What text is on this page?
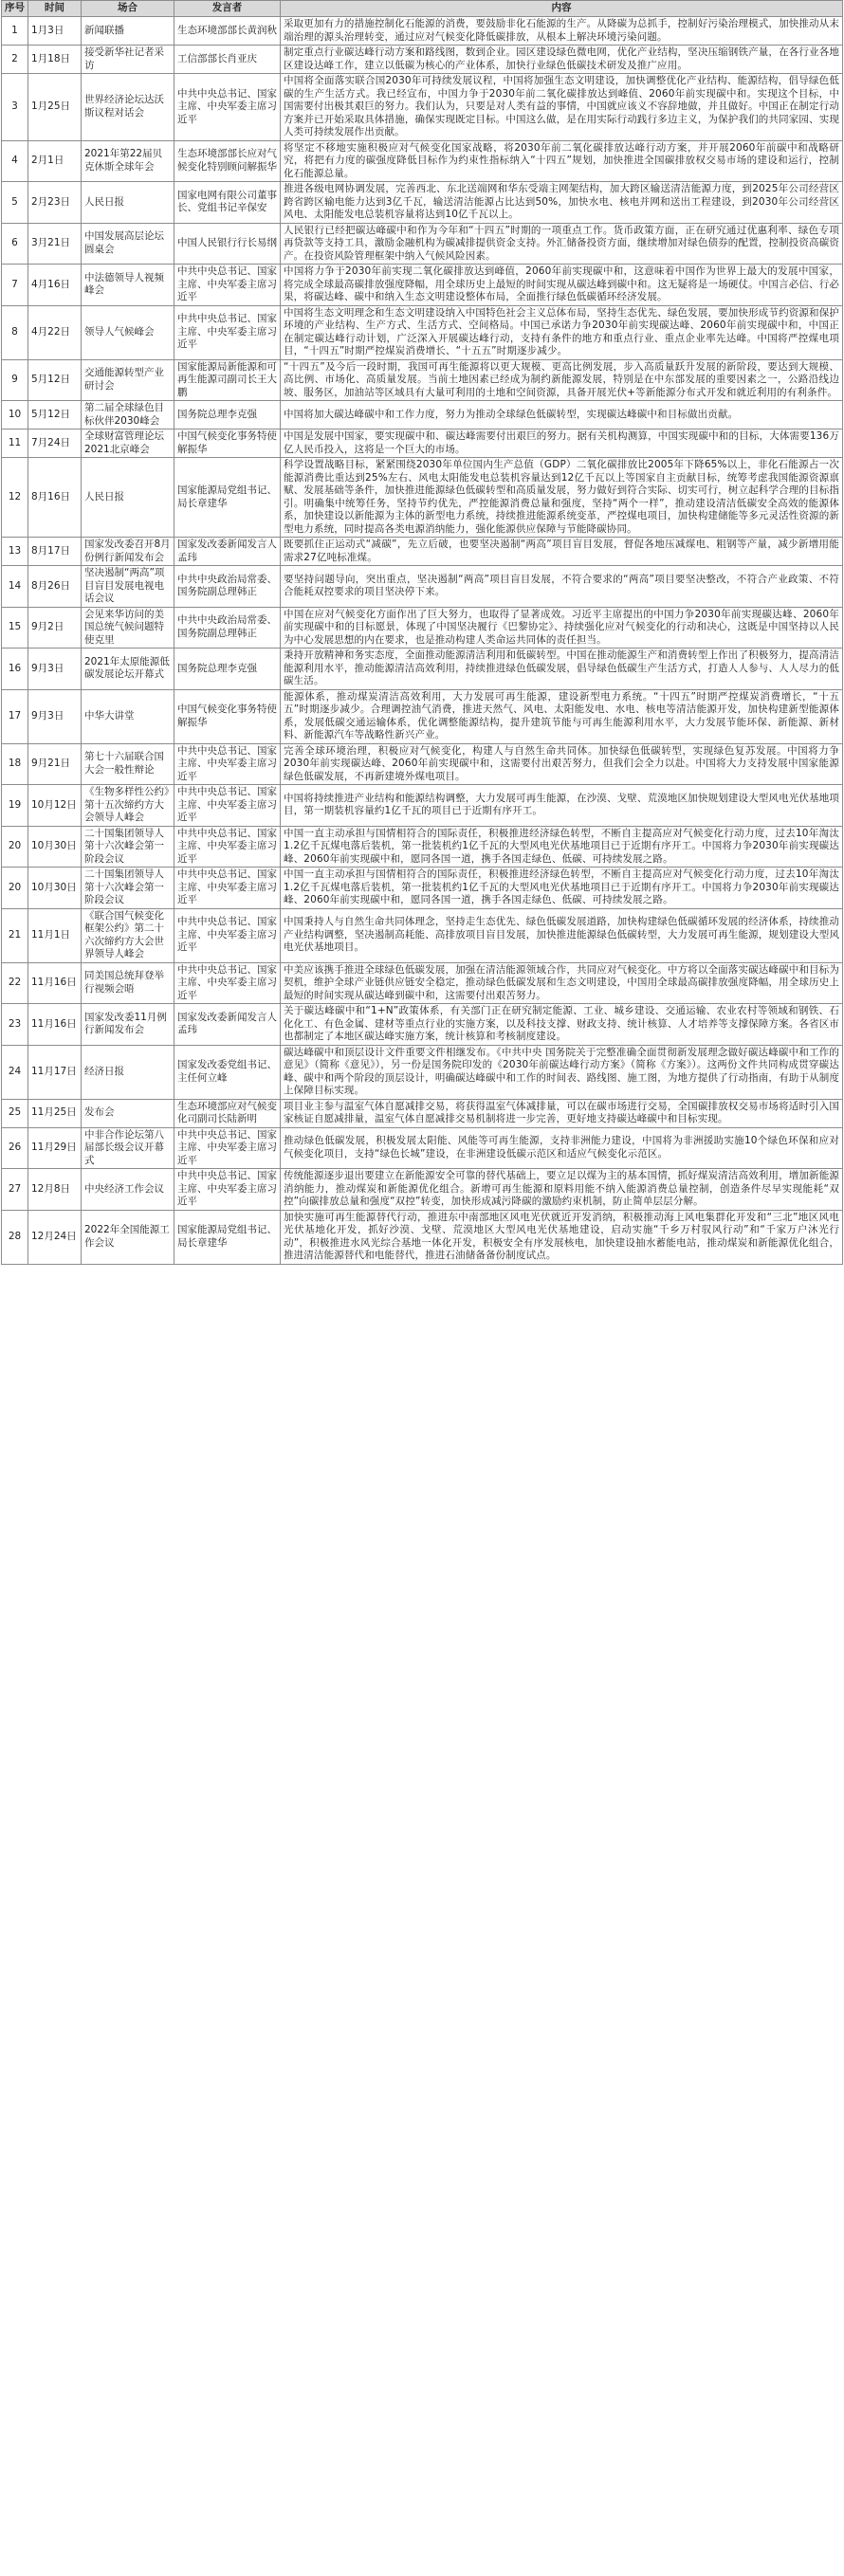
序号	时间	场合	发言者	内容
1	1月3日	新闻联播	生态环境部部长黄润秋	采取更加有力的措施控制化石能源的消费，要鼓励非化石能源的生产。从降碳为总抓手，控制好污染治理模式，加快推动从末端治理的源头治理转变，通过应对气候变化降低碳排放，从根本上解决环境污染问题。
2	1月18日	接受新华社记者采访	工信部部长肖亚庆	制定重点行业碳达峰行动方案和路线图，数到企业。园区建设绿色微电网，优化产业结构，坚决压缩钢铁产量，在各行业各地区建设达峰工作，建立以低碳为核心的产业体系，加快行业绿色低碳技术研发及推广应用。
3	1月25日	世界经济论坛达沃斯议程对话会	中共中央总书记、国家主席、中央军委主席习近平	中国将全面落实联合国2030年可持续发展议程，中国将加强生态文明建设，加快调整优化产业结构、能源结构，倡导绿色低碳的生产生活方式。我已经宣布，中国力争于2030年前二氧化碳排放达到峰值、2060年前实现碳中和。实现这个目标，中国需要付出极其艰巨的努力。我们认为，只要是对人类有益的事情，中国就应该义不容辞地做，并且做好。中国正在制定行动方案并已开始采取具体措施，确保实现既定目标。中国这么做，是在用实际行动践行多边主义，为保护我们的共同家园、实现人类可持续发展作出贡献。
4	2月1日	2021年第22届贝克休斯全球年会	生态环境部部长应对气候变化特别顾问解振华	将坚定不移地实施积极应对气候变化国家战略，将2030年前二氧化碳排放达峰行动方案，并开展2060年前碳中和战略研究，将把有力度的碳强度降低目标作为约束性指标纳入“十四五”规划，加快推进全国碳排放权交易市场的建设和运行，控制化石能源总量。
5	2月23日	人民日报	国家电网有限公司董事长、党组书记辛保安	推进各级电网协调发展，完善西北、东北送端网和华东受端主网架结构，加大跨区输送清洁能源力度，到2025年公司经营区跨省跨区输电能力达到3亿千瓦，输送清洁能源占比达到50%，加快水电、核电并网和送出工程建设，到2030年公司经营区风电、太阳能发电总装机容量将达到10亿千瓦以上。
6	3月21日	中国发展高层论坛圆桌会	中国人民银行行长易纲	人民银行已经把碳达峰碳中和作为今年和“十四五”时期的一项重点工作。货币政策方面，正在研究通过优惠利率、绿色专项再贷款等支持工具，激励金融机构为碳减排提供资金支持。外汇储备投资方面，继续增加对绿色债券的配置，控制投资高碳资产。在投资风险管理框架中纳入气候风险因素。
7	4月16日	中法德领导人视频峰会	中共中央总书记、国家主席、中央军委主席习近平	中国将力争于2030年前实现二氧化碳排放达到峰值，2060年前实现碳中和，这意味着中国作为世界上最大的发展中国家，将完成全球最高碳排放强度降幅，用全球历史上最短的时间实现从碳达峰到碳中和。这无疑将是一场硬仗。中国言必信、行必果，将碳达峰、碳中和纳入生态文明建设整体布局，全面推行绿色低碳循环经济发展。
8	4月22日	领导人气候峰会	中共中央总书记、国家主席、中央军委主席习近平	中国将生态文明理念和生态文明建设纳入中国特色社会主义总体布局，坚持生态优先、绿色发展，要加快形成节约资源和保护环境的产业结构、生产方式、生活方式、空间格局。中国已承诺力争2030年前实现碳达峰、2060年前实现碳中和，中国正在制定碳达峰行动计划，广泛深入开展碳达峰行动，支持有条件的地方和重点行业、重点企业率先达峰。中国将严控煤电项目，“十四五”时期严控煤炭消费增长、“十五五”时期逐步减少。
9	5月12日	交通能源转型产业研讨会	国家能源局新能源和可再生能源司副司长王大鹏	“十四五”及今后一段时期，我国可再生能源将以更大规模、更高比例发展，步入高质量跃升发展的新阶段，要达到大规模、高比例、市场化、高质量发展。当前土地因素已经成为制约新能源发展，特别是在中东部发展的重要因素之一，公路沿线边坡、服务区，加油站等区域具有大量可利用的土地和空间资源，具备开展光伏+等新能源分布式开发和就近利用的有利条件。
10	5月12日	第二届全球绿色目标伙伴2030峰会	国务院总理李克强	中国将加大碳达峰碳中和工作力度，努力为推动全球绿色低碳转型，实现碳达峰碳中和目标做出贡献。
11	7月24日	全球财富管理论坛2021北京峰会	中国气候变化事务特使解振华	中国是发展中国家，要实现碳中和、碳达峰需要付出艰巨的努力。据有关机构测算，中国实现碳中和的目标，大体需要136万亿人民币投入，这将是一个巨大的市场。
12	8月16日	人民日报	国家能源局党组书记、局长章建华	科学设置战略目标，紧紧围绕2030年单位国内生产总值（GDP）二氧化碳排放比2005年下降65%以上，非化石能源占一次能源消费比重达到25%左右、风电太阳能发电总装机容量达到12亿千瓦以上等国家自主贡献目标，统筹考虑我国能源资源禀赋、发展基础等条件，加快推进能源绿色低碳转型和高质量发展，努力做好到符合实际、切实可行，树立起科学合理的目标指引。明确集中统筹任务，坚持节约优先，严控能源消费总量和强度，坚持“两个一样”，推动建设清洁低碳安全高效的能源体系，加快建设以新能源为主体的新型电力系统，持续推进能源系统变革，严控煤电项目，加快构建储能等多元灵活性资源的新型电力系统，同时提高各类电源消纳能力，强化能源供应保障与节能降碳协同。
13	8月17日	国家发改委召开8月份例行新闻发布会	国家发改委新闻发言人孟玮	既要抓住正运动式“减碳”，先立后破，也要坚决遏制“两高”项目盲目发展，督促各地压减煤电、粗钢等产量，减少新增用能需求27亿吨标准煤。
14	8月26日	坚决遏制“两高”项目盲目发展电视电话会议	中共中央政治局常委、国务院副总理韩正	要坚持问题导向，突出重点，坚决遏制“两高”项目盲目发展，不符合要求的“两高”项目要坚决整改，不符合产业政策、不符合能耗双控要求的项目坚决停下来。
15	9月2日	会见来华访问的美国总统气候问题特使克里	中共中央政治局常委、国务院副总理韩正	中国在应对气候变化方面作出了巨大努力，也取得了显著成效。习近平主席提出的中国力争2030年前实现碳达峰、2060年前实现碳中和的目标愿景，体现了中国坚决履行《巴黎协定》、持续强化应对气候变化的行动和决心，这既是中国坚持以人民为中心发展思想的内在要求，也是推动构建人类命运共同体的责任担当。
16	9月3日	2021年太原能源低碳发展论坛开幕式	国务院总理李克强	秉持开放精神和务实态度，全面推动能源清洁利用和低碳转型。中国在推动能源生产和消费转型上作出了积极努力，提高清洁能源利用水平，推动能源清洁高效利用，持续推进绿色低碳发展，倡导绿色低碳生产生活方式，打造人人参与、人人尽力的低碳生活。
17	9月3日	中华大讲堂	中国气候变化事务特使解振华	能源体系，推动煤炭清洁高效利用，大力发展可再生能源，建设新型电力系统。“十四五”时期严控煤炭消费增长，“十五五”时期逐步减少。合理调控油气消费，推进天然气、风电、太阳能发电、水电、核电等清洁能源开发，加快构建新型能源体系，发展低碳交通运输体系，优化调整能源结构，提升建筑节能与可再生能源利用水平，大力发展节能环保、新能源、新材料、新能源汽车等战略性新兴产业。
18	9月21日	第七十六届联合国大会一般性辩论	中共中央总书记、国家主席、中央军委主席习近平	完善全球环境治理，积极应对气候变化，构建人与自然生命共同体。加快绿色低碳转型，实现绿色复苏发展。中国将力争2030年前实现碳达峰、2060年前实现碳中和，这需要付出艰苦努力，但我们会全力以赴。中国将大力支持发展中国家能源绿色低碳发展，不再新建境外煤电项目。
19	10月12日	《生物多样性公约》第十五次缔约方大会领导人峰会	中共中央总书记、国家主席、中央军委主席习近平	中国将持续推进产业结构和能源结构调整，大力发展可再生能源，在沙漠、戈壁、荒漠地区加快规划建设大型风电光伏基地项目，第一期装机容量约1亿千瓦的项目已于近期有序开工。
20	10月30日	二十国集团领导人第十六次峰会第一阶段会议	中共中央总书记、国家主席、中央军委主席习近平	中国一直主动承担与国情相符合的国际责任，积极推进经济绿色转型，不断自主提高应对气候变化行动力度，过去10年淘汰1.2亿千瓦煤电落后装机，第一批装机约1亿千瓦的大型风电光伏基地项目已于近期有序开工。中国将力争2030年前实现碳达峰、2060年前实现碳中和，愿同各国一道，携手各国走绿色、低碳、可持续发展之路。
20	10月30日	二十国集团领导人第十六次峰会第一阶段会议	中共中央总书记、国家主席、中央军委主席习近平	中国一直主动承担与国情相符合的国际责任，积极推进经济绿色转型，不断自主提高应对气候变化行动力度，过去10年淘汰1.2亿千瓦煤电落后装机，第一批装机约1亿千瓦的大型风电光伏基地项目已于近期有序开工。中国将力争2030年前实现碳达峰、2060年前实现碳中和，愿同各国一道，携手各国走绿色、低碳、可持续发展之路。
21	11月1日	《联合国气候变化框架公约》第二十六次缔约方大会世界领导人峰会	中共中央总书记、国家主席、中央军委主席习近平	中国秉持人与自然生命共同体理念，坚持走生态优先、绿色低碳发展道路，加快构建绿色低碳循环发展的经济体系，持续推动产业结构调整，坚决遏制高耗能、高排放项目盲目发展，加快推进能源绿色低碳转型，大力发展可再生能源，规划建设大型风电光伏基地项目。
22	11月16日	同美国总统拜登举行视频会晤	中共中央总书记、国家主席、中央军委主席习近平	中美应该携手推进全球绿色低碳发展，加强在清洁能源领域合作，共同应对气候变化。中方将以全面落实碳达峰碳中和目标为契机，维护全球产业链供应链安全稳定，推动绿色低碳发展和生态文明建设，中国用全球最高碳排放强度降幅，用全球历史上最短的时间实现从碳达峰到碳中和，这需要付出艰苦努力。
23	11月16日	国家发改委11月例行新闻发布会	国家发改委新闻发言人孟玮	关于碳达峰碳中和“1+N”政策体系，有关部门正在研究制定能源、工业、城乡建设、交通运输、农业农村等领域和钢铁、石化化工、有色金属、建材等重点行业的实施方案，以及科技支撑、财政支持、统计核算、人才培养等支撑保障方案。各省区市也都制定了本地区碳达峰实施方案，统计核算和考核制度建设。
24	11月17日	经济日报	国家发改委党组书记、主任何立峰	碳达峰碳中和顶层设计文件重要文件相继发布。《中共中央 国务院关于完整准确全面贯彻新发展理念做好碳达峰碳中和工作的意见》（简称《意见》），另一份是国务院印发的《2030年前碳达峰行动方案》（简称《方案》）。这两份文件共同构成贯穿碳达峰、碳中和两个阶段的顶层设计，明确碳达峰碳中和工作的时间表、路线图、施工图，为地方提供了行动指南，有助于从制度上保障目标实现。
25	11月25日	发布会	生态环境部应对气候变化司副司长陆新明	项目业主参与温室气体自愿减排交易，将获得温室气体减排量，可以在碳市场进行交易，全国碳排放权交易市场将适时引入国家核证自愿减排量，温室气体自愿减排交易机制将进一步完善，更好地支持碳达峰碳中和目标实现。
26	11月29日	中非合作论坛第八届部长级会议开幕式	中共中央总书记、国家主席、中央军委主席习近平	推动绿色低碳发展，积极发展太阳能、风能等可再生能源，支持非洲能力建设，中国将为非洲援助实施10个绿色环保和应对气候变化项目，支持“绿色长城”建设，在非洲建设低碳示范区和适应气候变化示范区。
27	12月8日	中央经济工作会议	中共中央总书记、国家主席、中央军委主席习近平	传统能源逐步退出要建立在新能源安全可靠的替代基础上，要立足以煤为主的基本国情，抓好煤炭清洁高效利用，增加新能源消纳能力，推动煤炭和新能源优化组合。新增可再生能源和原料用能不纳入能源消费总量控制，创造条件尽早实现能耗“双控”向碳排放总量和强度“双控”转变，加快形成减污降碳的激励约束机制，防止简单层层分解。
28	12月24日	2022年全国能源工作会议	国家能源局党组书记、局长章建华	加快实施可再生能源替代行动，推进东中南部地区风电光伏就近开发消纳，积极推动海上风电集群化开发和“三北”地区风电光伏基地化开发，抓好沙漠、戈壁、荒漠地区大型风电光伏基地建设，启动实施“千乡万村驭风行动”和“千家万户沐光行动”，积极推进水风光综合基地一体化开发，积极安全有序发展核电，加快建设抽水蓄能电站，推动煤炭和新能源优化组合，推进清洁能源替代和电能替代，推进石油储备备份制度试点。
